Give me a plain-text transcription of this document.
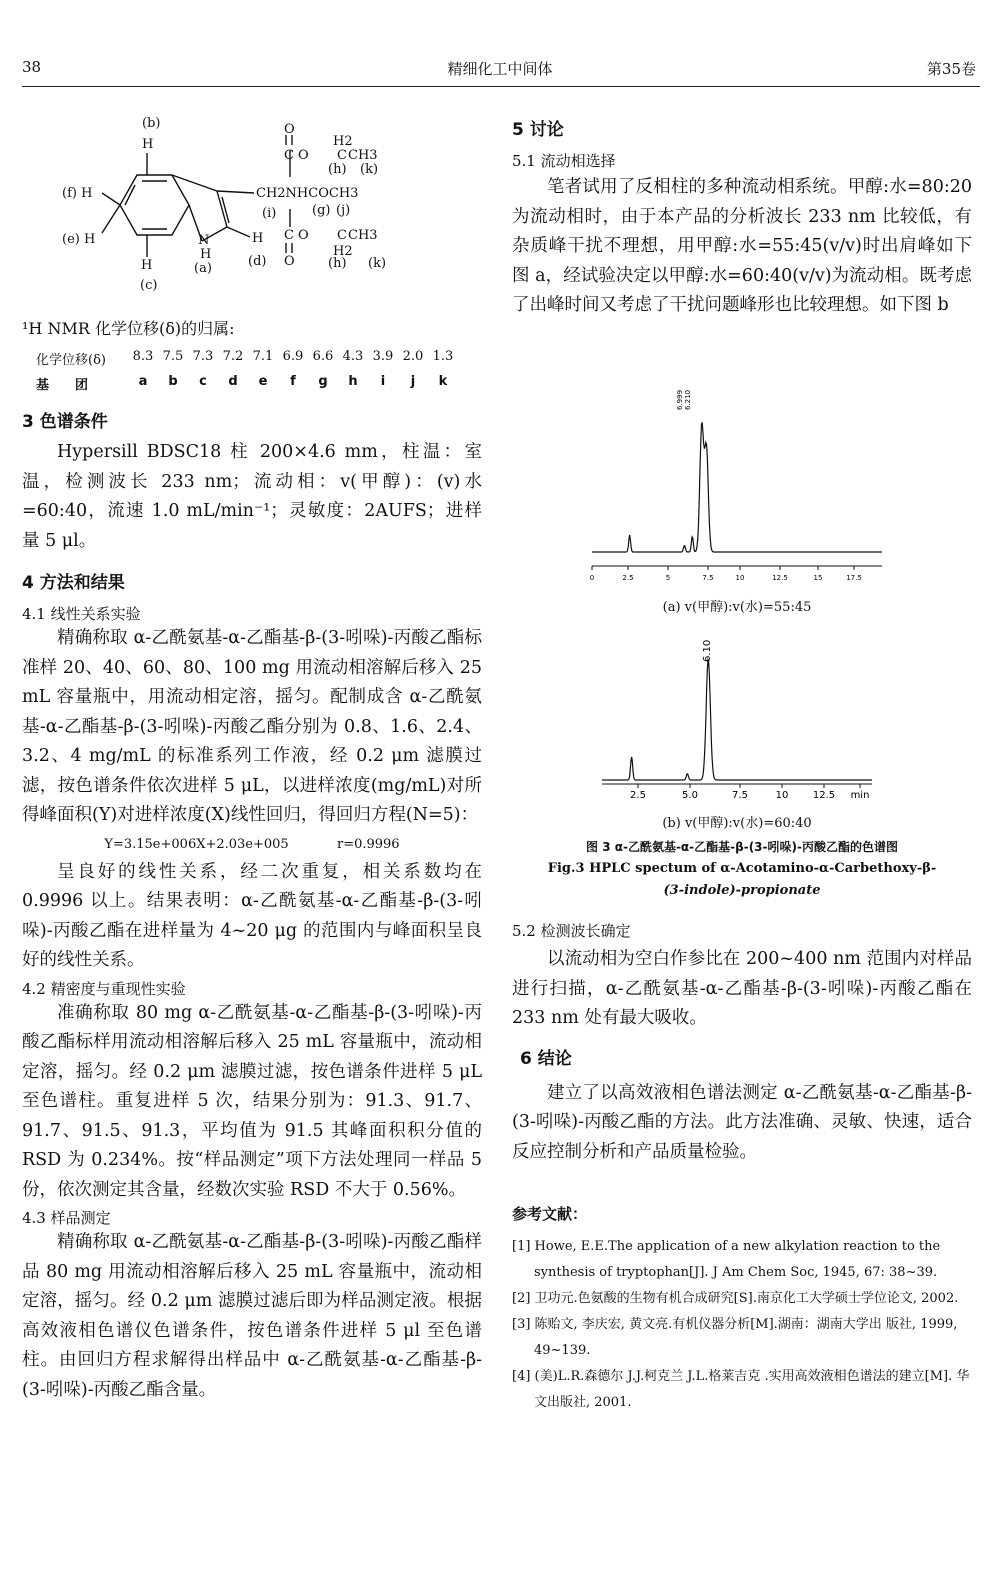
38	精细化工中间体	第35卷
(b)
H
(f) H
(e) H
H
(c)
N
H
(a)
H
(d)
O
C O C CH3
H2
(h) (k)
CH2NHCOCH3
(i)	(g) (j)
C O C CH3
O
H2
(h) (k)
¹H NMR 化学位移(δ)的归属:
化学位移(δ)	8.3 7.5 7.3 7.2 7.1 6.9 6.6 4.3 3.9 2.0 1.3
基　　团	a	b	c	d	e	f	g	h	i	j	k
3 色谱条件
Hypersill BDSC18 柱 200×4.6 mm，柱温：室温，检测波长 233 nm；流动相：v(甲醇)：(v)水=60:40，流速 1.0 mL/min⁻¹；灵敏度：2AUFS；进样量 5 μl。
4 方法和结果
4.1 线性关系实验
精确称取 α-乙酰氨基-α-乙酯基-β-(3-吲哚)-丙酸乙酯标准样 20、40、60、80、100 mg 用流动相溶解后移入 25 mL 容量瓶中，用流动相定溶，摇匀。配制成含 α-乙酰氨基-α-乙酯基-β-(3-吲哚)-丙酸乙酯分别为 0.8、1.6、2.4、3.2、4 mg/mL 的标准系列工作液，经 0.2 μm 滤膜过滤，按色谱条件依次进样 5 μL，以进样浓度(mg/mL)对所得峰面积(Y)对进样浓度(X)线性回归，得回归方程(N=5)：
Y=3.15e+006X+2.03e+005	r=0.9996
呈良好的线性关系，经二次重复，相关系数均在 0.9996 以上。结果表明：α-乙酰氨基-α-乙酯基-β-(3-吲哚)-丙酸乙酯在进样量为 4~20 μg 的范围内与峰面积呈良好的线性关系。
4.2 精密度与重现性实验
准确称取 80 mg α-乙酰氨基-α-乙酯基-β-(3-吲哚)-丙酸乙酯标样用流动相溶解后移入 25 mL 容量瓶中，流动相定溶，摇匀。经 0.2 μm 滤膜过滤，按色谱条件进样 5 μL 至色谱柱。重复进样 5 次，结果分别为：91.3、91.7、91.7、91.5、91.3，平均值为 91.5 其峰面积积分值的 RSD 为 0.234%。按“样品测定”项下方法处理同一样品 5 份，依次测定其含量，经数次实验 RSD 不大于 0.56%。
4.3 样品测定
精确称取 α-乙酰氨基-α-乙酯基-β-(3-吲哚)-丙酸乙酯样品 80 mg 用流动相溶解后移入 25 mL 容量瓶中，流动相定溶，摇匀。经 0.2 μm 滤膜过滤后即为样品测定液。根据高效液相色谱仪色谱条件，按色谱条件进样 5 μl 至色谱柱。由回归方程求解得出样品中 α-乙酰氨基-α-乙酯基-β-(3-吲哚)-丙酸乙酯含量。
5 讨论
5.1 流动相选择
笔者试用了反相柱的多种流动相系统。甲醇:水=80:20 为流动相时，由于本产品的分析波长 233 nm 比较低，有杂质峰干扰不理想，用甲醇:水=55:45(v/v)时出肩峰如下图 a，经试验决定以甲醇:水=60:40(v/v)为流动相。既考虑了出峰时间又考虑了干扰问题峰形也比较理想。如下图 b
0	2.5	5	7.5	10	12.5	15	17.5
6.999 6.210
(a) v(甲醇):v(水)=55:45
2.5	5.0	7.5	10 12.5 min
6.10
(b) v(甲醇):v(水)=60:40
图 3 α-乙酰氨基-α-乙酯基-β-(3-吲哚)-丙酸乙酯的色谱图
Fig.3 HPLC spectum of α-Acotamino-α-Carbethoxy-β-
(3-indole)-propionate
5.2 检测波长确定
以流动相为空白作参比在 200~400 nm 范围内对样品进行扫描，α-乙酰氨基-α-乙酯基-β-(3-吲哚)-丙酸乙酯在 233 nm 处有最大吸收。
6 结论
建立了以高效液相色谱法测定 α-乙酰氨基-α-乙酯基-β-(3-吲哚)-丙酸乙酯的方法。此方法准确、灵敏、快速，适合反应控制分析和产品质量检验。
参考文献：
[1] Howe, E.E.The application of a new alkylation reaction to the synthesis of tryptophan[J]. J Am Chem Soc, 1945, 67: 38~39.
[2] 卫功元.色氨酸的生物有机合成研究[S].南京化工大学硕士学位论文, 2002.
[3] 陈贻文, 李庆宏, 黄文亮.有机仪器分析[M].湖南：湖南大学出 版社, 1999, 49~139.
[4] (美)L.R.森德尔 J.J.柯克兰 J.L.格莱吉克 .实用高效液相色谱法的建立[M]. 华文出版社, 2001.
